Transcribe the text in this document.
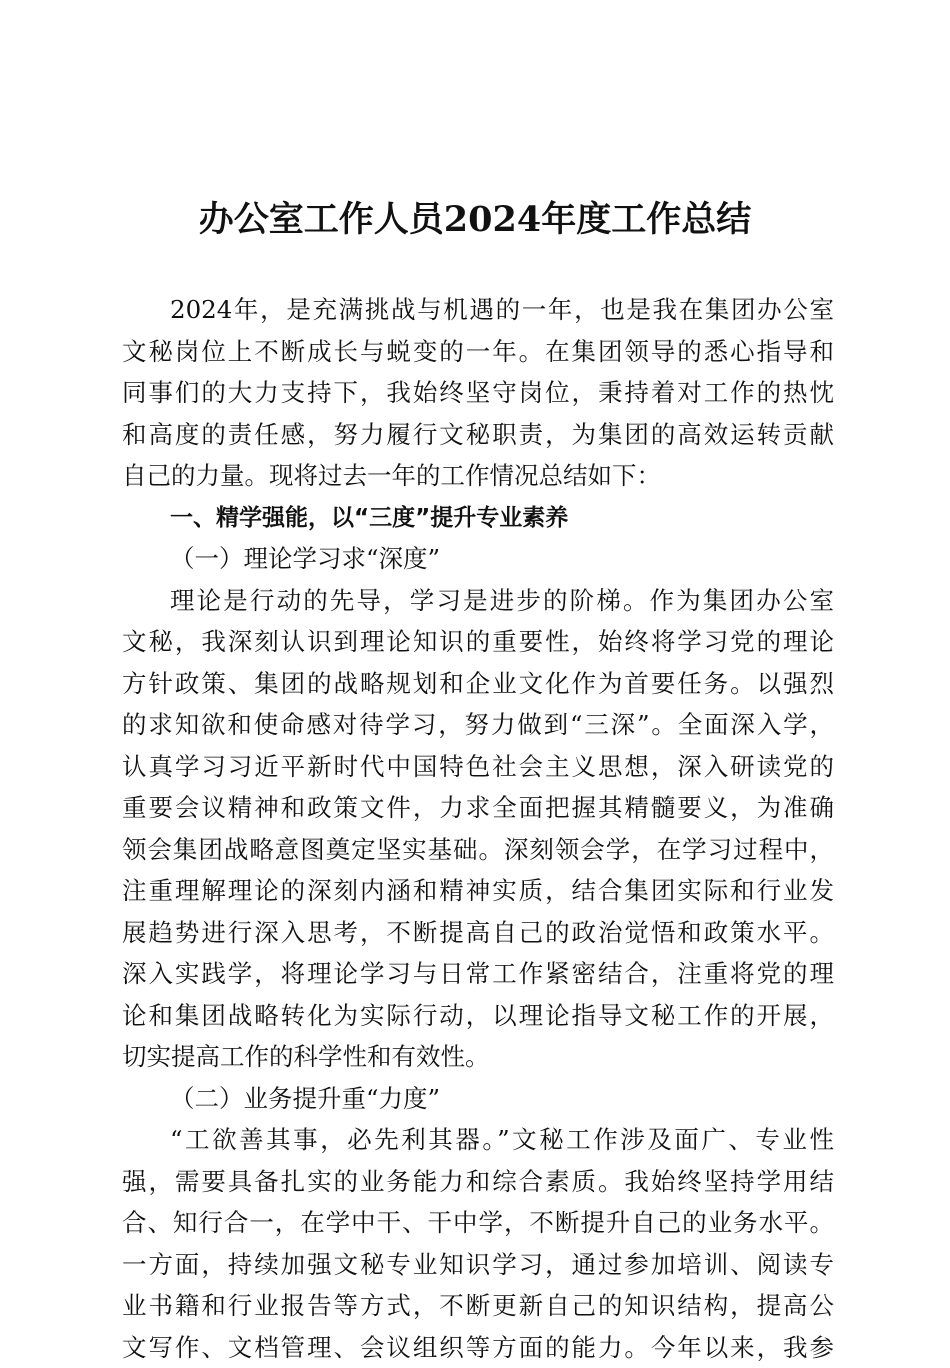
办公室工作人员2024年度工作总结
2024年，是充满挑战与机遇的一年，也是我在集团办公室
文秘岗位上不断成长与蜕变的一年。在集团领导的悉心指导和
同事们的大力支持下，我始终坚守岗位，秉持着对工作的热忱
和高度的责任感，努力履行文秘职责，为集团的高效运转贡献
自己的力量。现将过去一年的工作情况总结如下：
一、精学强能，以“三度”提升专业素养
（一）理论学习求“深度”
理论是行动的先导，学习是进步的阶梯。作为集团办公室
文秘，我深刻认识到理论知识的重要性，始终将学习党的理论
方针政策、集团的战略规划和企业文化作为首要任务。以强烈
的求知欲和使命感对待学习，努力做到“三深”。全面深入学，
认真学习习近平新时代中国特色社会主义思想，深入研读党的
重要会议精神和政策文件，力求全面把握其精髓要义，为准确
领会集团战略意图奠定坚实基础。深刻领会学，在学习过程中，
注重理解理论的深刻内涵和精神实质，结合集团实际和行业发
展趋势进行深入思考，不断提高自己的政治觉悟和政策水平。
深入实践学，将理论学习与日常工作紧密结合，注重将党的理
论和集团战略转化为实际行动，以理论指导文秘工作的开展，
切实提高工作的科学性和有效性。
（二）业务提升重“力度”
“工欲善其事，必先利其器。”文秘工作涉及面广、专业性
强，需要具备扎实的业务能力和综合素质。我始终坚持学用结
合、知行合一，在学中干、干中学，不断提升自己的业务水平。
一方面，持续加强文秘专业知识学习，通过参加培训、阅读专
业书籍和行业报告等方式，不断更新自己的知识结构，提高公
文写作、文档管理、会议组织等方面的能力。今年以来，我参
